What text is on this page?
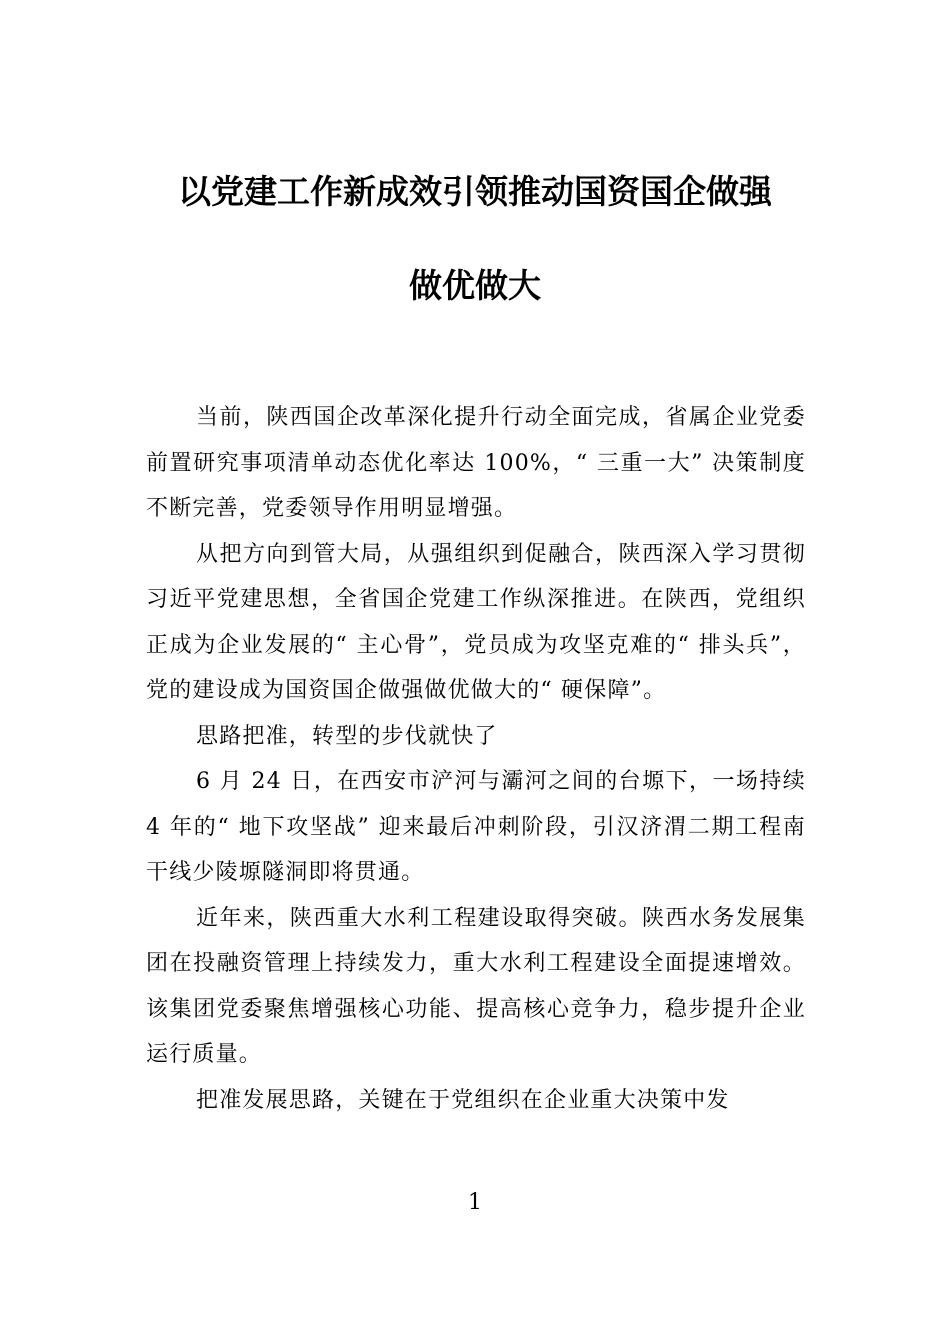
以党建工作新成效引领推动国资国企做强
做优做大

当前，陕西国企改革深化提升行动全面完成，省属企业党委前置研究事项清单动态优化率达 100%，“ 三重一大” 决策制度不断完善，党委领导作用明显增强。

从把方向到管大局，从强组织到促融合，陕西深入学习贯彻习近平党建思想，全省国企党建工作纵深推进。在陕西，党组织正成为企业发展的“ 主心骨”，党员成为攻坚克难的“ 排头兵”，党的建设成为国资国企做强做优做大的“ 硬保障”。

思路把准，转型的步伐就快了

6 月 24 日，在西安市浐河与灞河之间的台塬下，一场持续 4 年的“ 地下攻坚战” 迎来最后冲刺阶段，引汉济渭二期工程南干线少陵塬隧洞即将贯通。

近年来，陕西重大水利工程建设取得突破。陕西水务发展集团在投融资管理上持续发力，重大水利工程建设全面提速增效。该集团党委聚焦增强核心功能、提高核心竞争力，稳步提升企业运行质量。

把准发展思路，关键在于党组织在企业重大决策中发

1
